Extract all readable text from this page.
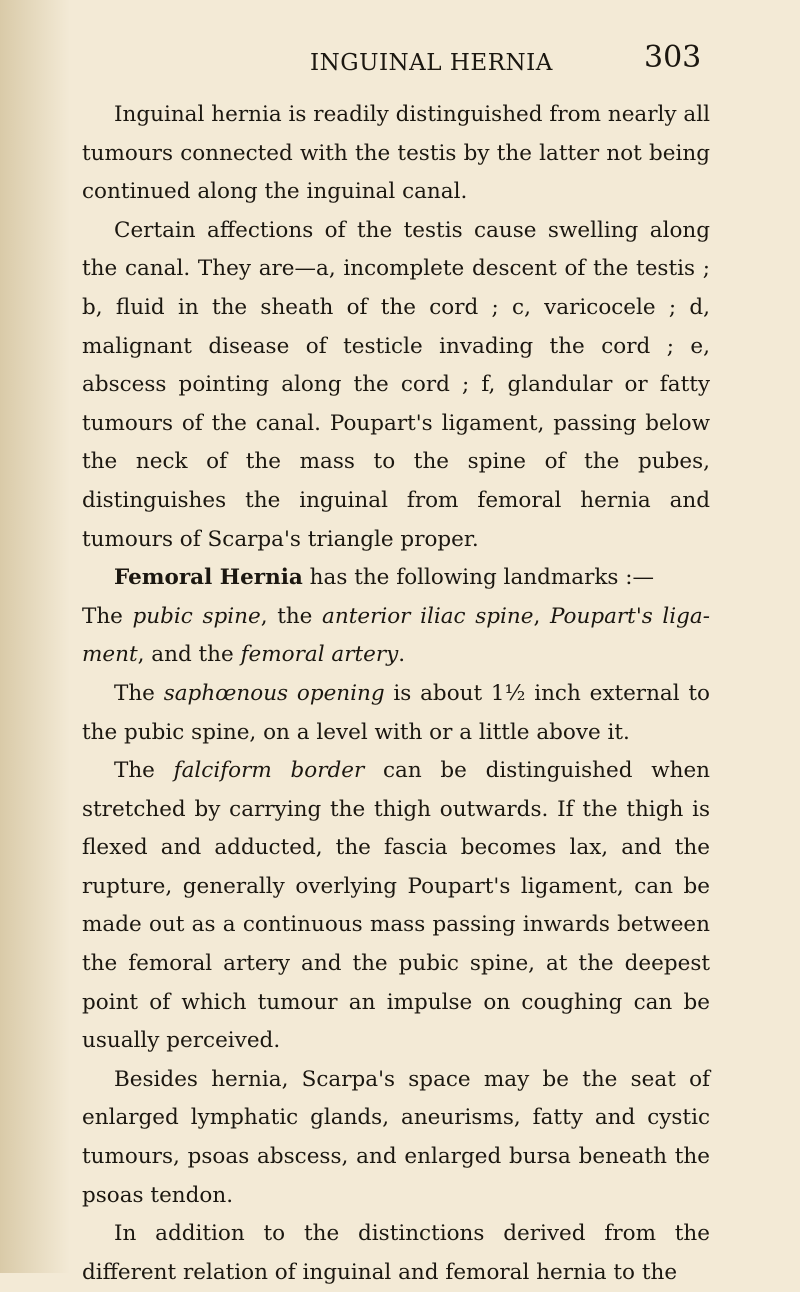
INGUINAL HERNIA	303

Inguinal hernia is readily distinguished from nearly all tumours connected with the testis by the latter not being continued along the inguinal canal.

Certain affections of the testis cause swelling along the canal. They are—a, incomplete descent of the testis ; b, fluid in the sheath of the cord ; c, varicocele ; d, malignant disease of testicle invading the cord ; e, abscess pointing along the cord ; f, glandular or fatty tumours of the canal. Poupart's ligament, passing below the neck of the mass to the spine of the pubes, distinguishes the inguinal from femoral hernia and tumours of Scarpa's triangle proper.

Femoral Hernia has the following landmarks :—

The pubic spine, the anterior iliac spine, Poupart's liga-ment, and the femoral artery.

The saphœnous opening is about 1½ inch external to the pubic spine, on a level with or a little above it.

The falciform border can be distinguished when stretched by carrying the thigh outwards. If the thigh is flexed and adducted, the fascia becomes lax, and the rupture, generally overlying Poupart's ligament, can be made out as a continuous mass passing inwards between the femoral artery and the pubic spine, at the deepest point of which tumour an impulse on coughing can be usually perceived.

Besides hernia, Scarpa's space may be the seat of enlarged lymphatic glands, aneurisms, fatty and cystic tumours, psoas abscess, and enlarged bursa beneath the psoas tendon.

In addition to the distinctions derived from the different relation of inguinal and femoral hernia to the
